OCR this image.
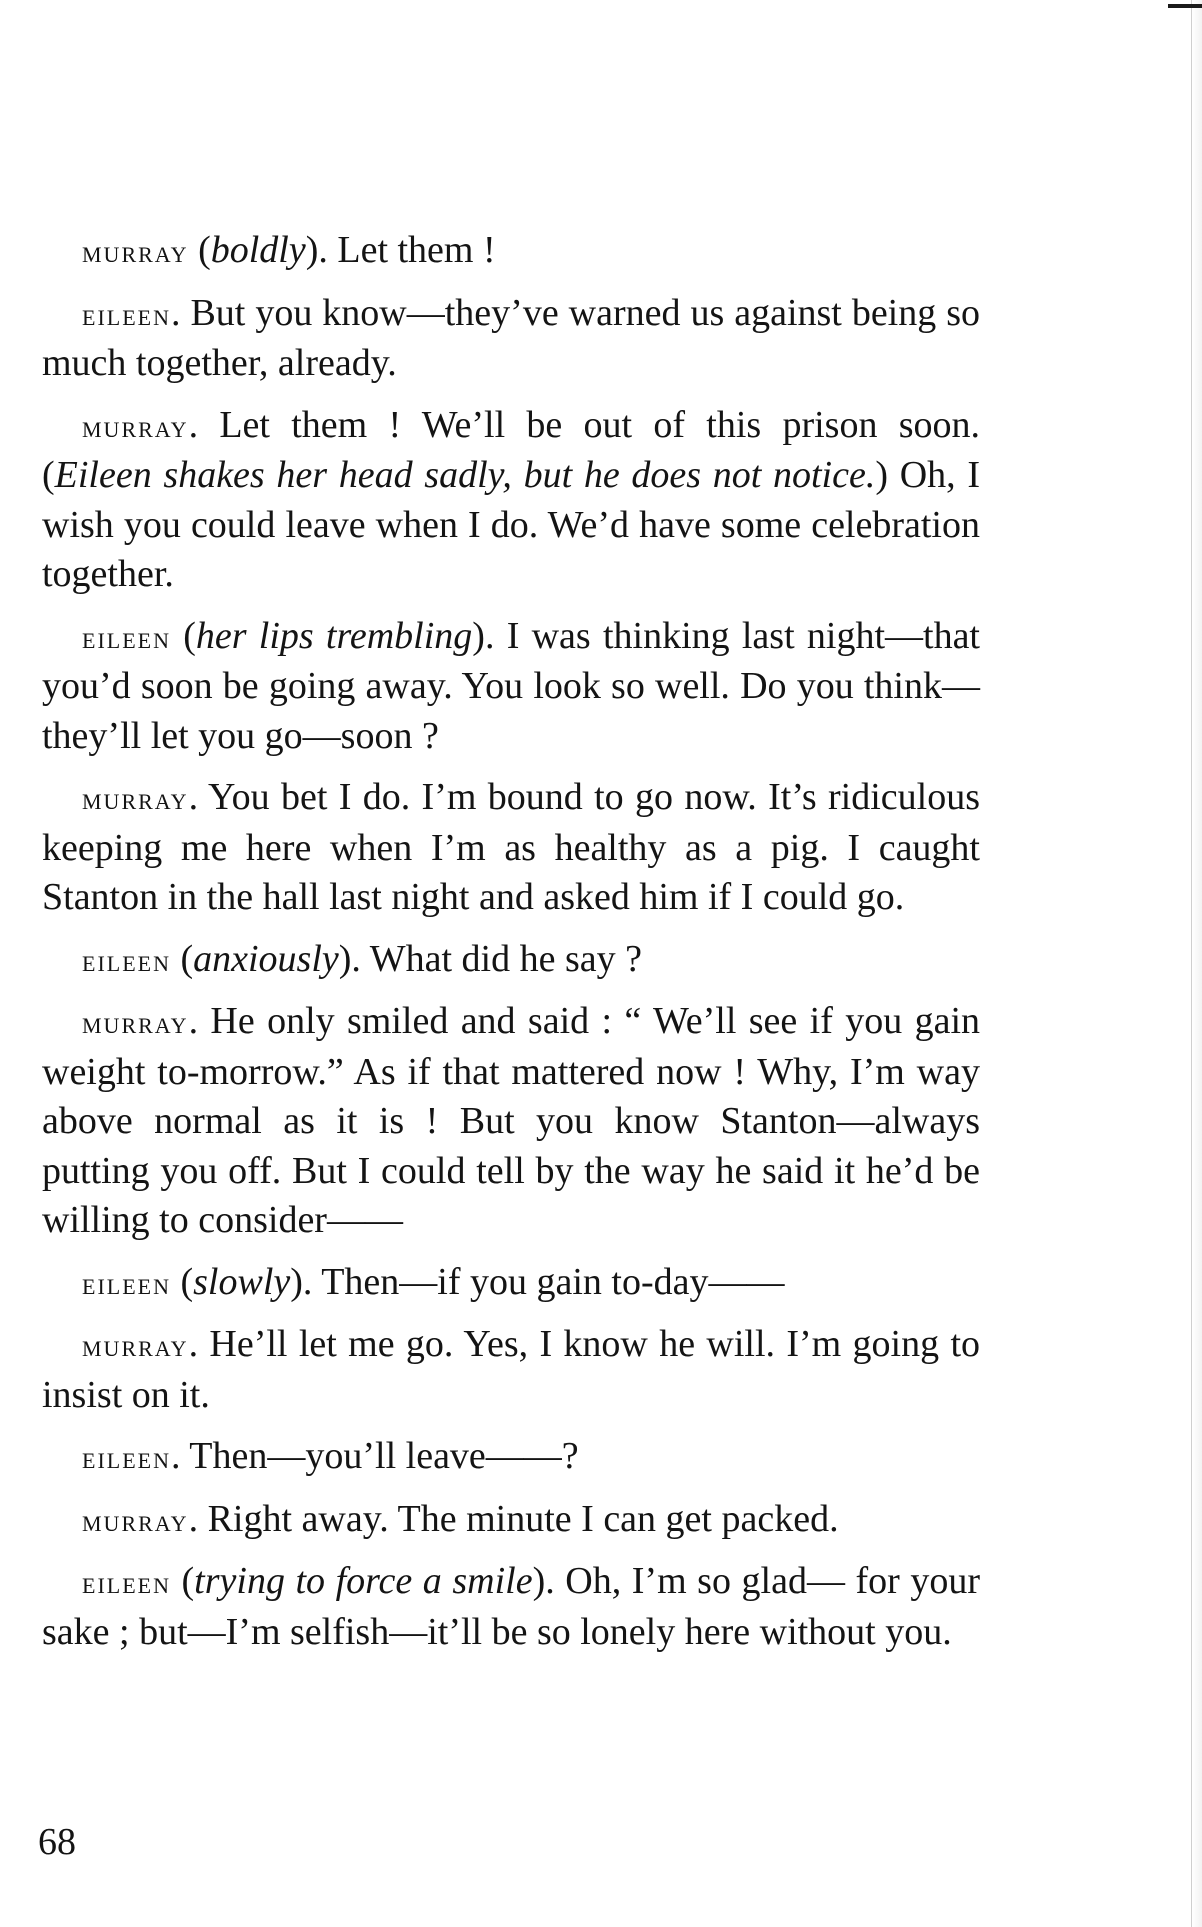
murray (boldly). Let them !

eileen. But you know—they’ve warned us against being so much together, already.

murray. Let them ! We’ll be out of this prison soon. (Eileen shakes her head sadly, but he does not notice.) Oh, I wish you could leave when I do. We’d have some celebration together.

eileen (her lips trembling). I was thinking last night—that you’d soon be going away. You look so well. Do you think—they’ll let you go—soon ?

murray. You bet I do. I’m bound to go now. It’s ridiculous keeping me here when I’m as healthy as a pig. I caught Stanton in the hall last night and asked him if I could go.

eileen (anxiously). What did he say ?

murray. He only smiled and said : “ We’ll see if you gain weight to-morrow.” As if that mattered now ! Why, I’m way above normal as it is ! But you know Stanton—always putting you off. But I could tell by the way he said it he’d be willing to consider——

eileen (slowly). Then—if you gain to-day——

murray. He’ll let me go. Yes, I know he will. I’m going to insist on it.

eileen. Then—you’ll leave——?

murray. Right away. The minute I can get packed.

eileen (trying to force a smile). Oh, I’m so glad— for your sake ; but—I’m selfish—it’ll be so lonely here without you.

68
